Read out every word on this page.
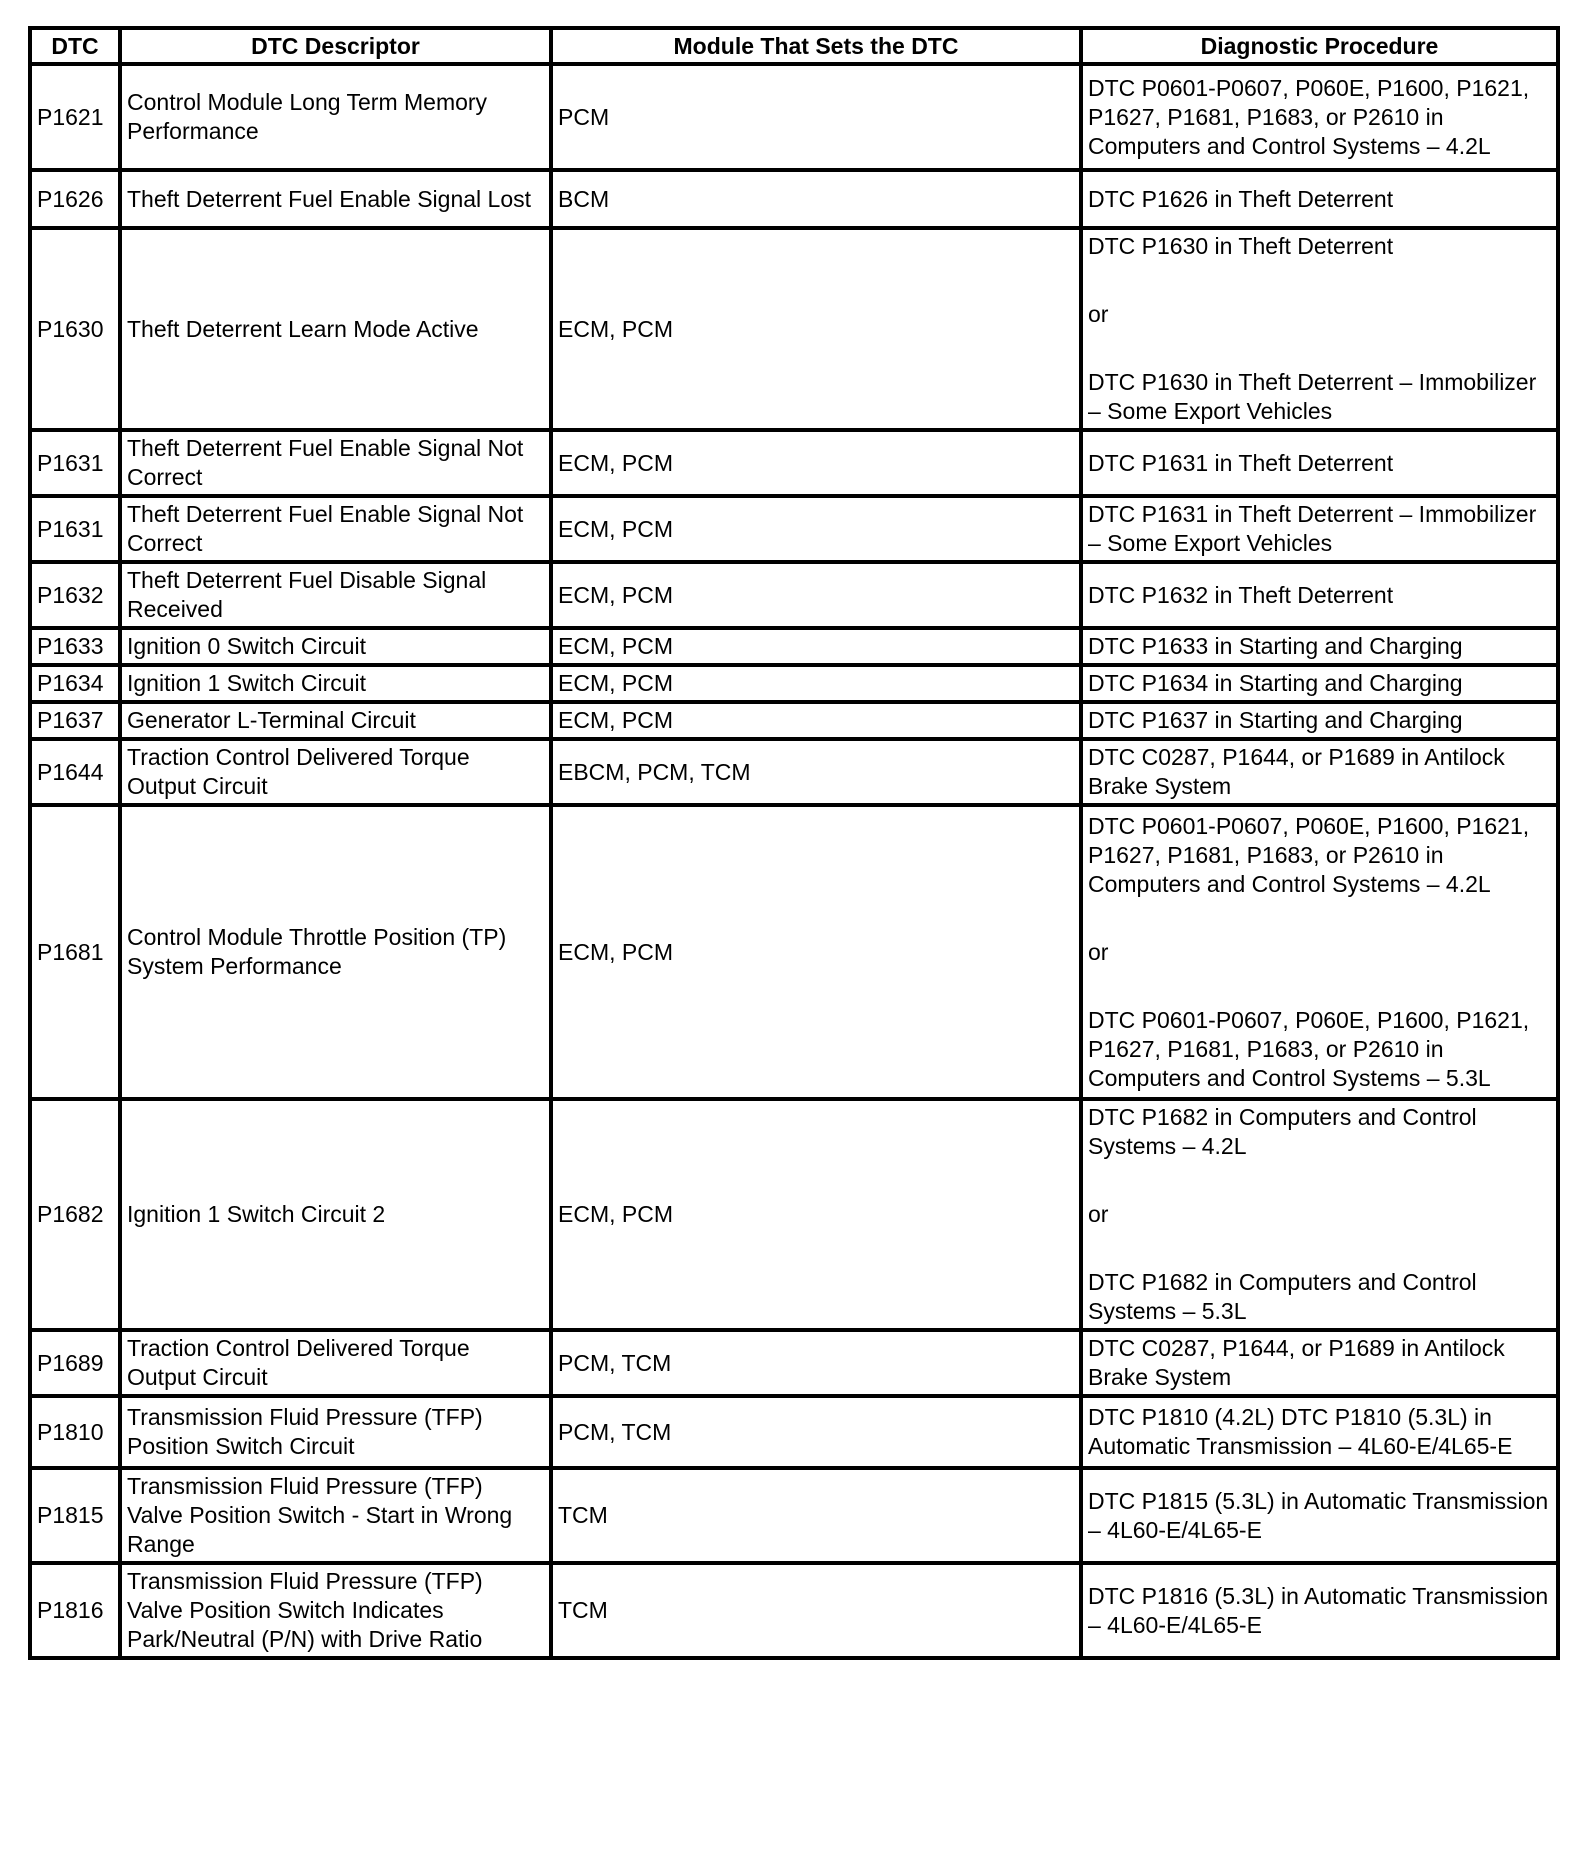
DTC	DTC Descriptor	Module That Sets the DTC	Diagnostic Procedure
P1621	Control Module Long Term Memory Performance	PCM	DTC P0601-P0607, P060E, P1600, P1621, P1627, P1681, P1683, or P2610 in Computers and Control Systems – 4.2L

P1626	Theft Deterrent Fuel Enable Signal Lost	BCM	DTC P1626 in Theft Deterrent

P1630	Theft Deterrent Learn Mode Active	ECM, PCM	DTC P1630 in Theft Deterrent
or
DTC P1630 in Theft Deterrent – Immobilizer – Some Export Vehicles

P1631	Theft Deterrent Fuel Enable Signal Not Correct	ECM, PCM	DTC P1631 in Theft Deterrent

P1631	Theft Deterrent Fuel Enable Signal Not Correct	ECM, PCM	DTC P1631 in Theft Deterrent – Immobilizer – Some Export Vehicles

P1632	Theft Deterrent Fuel Disable Signal Received	ECM, PCM	DTC P1632 in Theft Deterrent

P1633	Ignition 0 Switch Circuit	ECM, PCM	DTC P1633 in Starting and Charging

P1634	Ignition 1 Switch Circuit	ECM, PCM	DTC P1634 in Starting and Charging

P1637	Generator L-Terminal Circuit	ECM, PCM	DTC P1637 in Starting and Charging

P1644	Traction Control Delivered Torque Output Circuit	EBCM, PCM, TCM	DTC C0287, P1644, or P1689 in Antilock Brake System

P1681	Control Module Throttle Position (TP) System Performance	ECM, PCM	DTC P0601-P0607, P060E, P1600, P1621, P1627, P1681, P1683, or P2610 in Computers and Control Systems – 4.2L
or
DTC P0601-P0607, P060E, P1600, P1621, P1627, P1681, P1683, or P2610 in Computers and Control Systems – 5.3L

P1682	Ignition 1 Switch Circuit 2	ECM, PCM	DTC P1682 in Computers and Control Systems – 4.2L
or
DTC P1682 in Computers and Control Systems – 5.3L

P1689	Traction Control Delivered Torque Output Circuit	PCM, TCM	DTC C0287, P1644, or P1689 in Antilock Brake System

P1810	Transmission Fluid Pressure (TFP) Position Switch Circuit	PCM, TCM	DTC P1810 (4.2L) DTC P1810 (5.3L) in Automatic Transmission – 4L60-E/4L65-E

P1815	Transmission Fluid Pressure (TFP) Valve Position Switch - Start in Wrong Range	TCM	DTC P1815 (5.3L) in Automatic Transmission – 4L60-E/4L65-E

P1816	Transmission Fluid Pressure (TFP) Valve Position Switch Indicates Park/Neutral (P/N) with Drive Ratio	TCM	DTC P1816 (5.3L) in Automatic Transmission – 4L60-E/4L65-E
